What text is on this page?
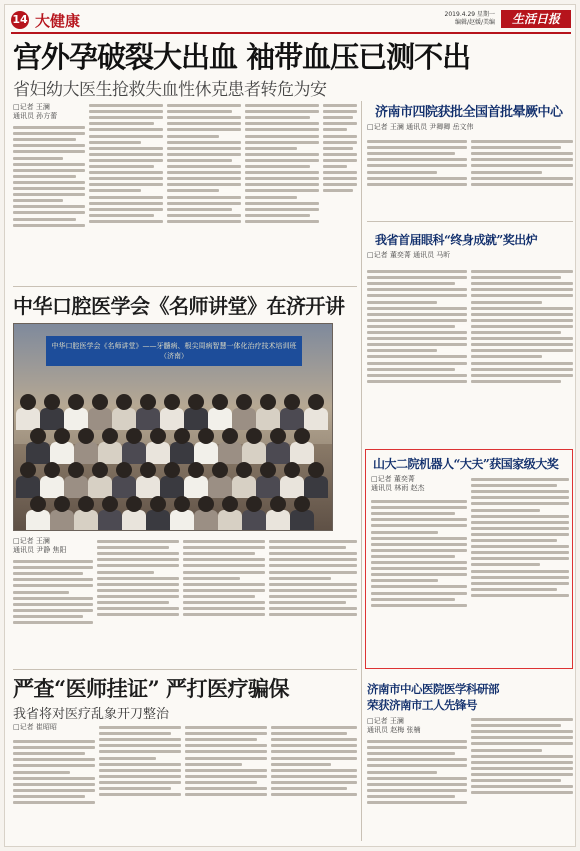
14 大健康	2019.4.29 星期一
编辑/赵媛/美编	生活日报
宫外孕破裂大出血 袖带血压已测不出
省妇幼大医生抢救失血性休克患者转危为安
□记者 王澜
通讯员 孙方蕾	济南市四院获批全国首批晕厥中心
□记者 王澜 通讯员 尹卿卿 岳文伟
我省首届眼科“终身成就”奖出炉
□记者 董奕菁 通讯员 马昕
山大二院机器人“大夫”获国家级大奖
□记者 董奕菁
通讯员 林雨 赵杰
济南市中心医院医学科研部
荣获济南市工人先锋号
□记者 王澜
通讯员 赵梅 张楠
中华口腔医学会《名师讲堂》在济开讲
中华口腔医学会《名师讲堂》——牙髓病、根尖周病智慧一体化治疗技术培训班（济南）
□记者 王澜
通讯员 尹静 焦阳
严查“医师挂证” 严打医疗骗保
我省将对医疗乱象开刀整治
□记者 崔昭昭
